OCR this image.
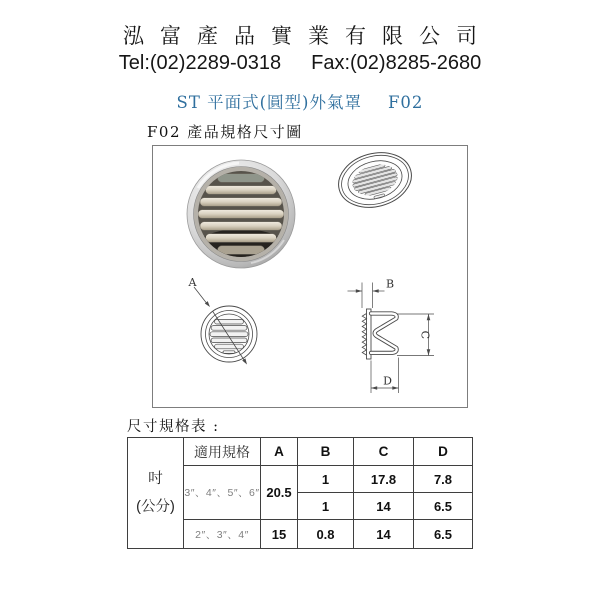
泓富產品實業有限公司
Tel:(02)2289-0318 Fax:(02)8285-2680
ST 平面式(圓型)外氣罩 F02
F02 產品規格尺寸圖
A	B
C
D
尺寸規格表 :
吋
(公分)	適用規格	A	B	C	D
	3″、4″、5″、6″	20.5	1	17.8	7.8
			1	14	6.5
	2″、3″、4″	15	0.8	14	6.5
